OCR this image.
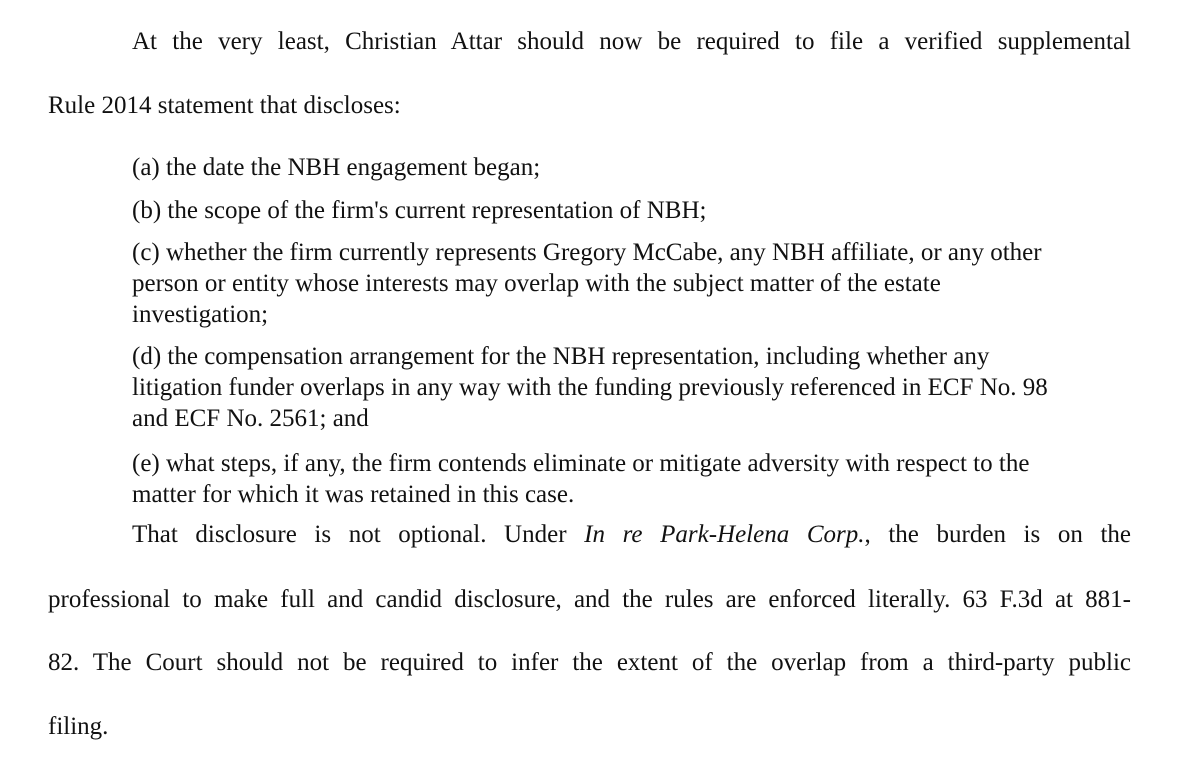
At the very least, Christian Attar should now be required to file a verified supplemental
Rule 2014 statement that discloses:
(a) the date the NBH engagement began;
(b) the scope of the firm's current representation of NBH;
(c) whether the firm currently represents Gregory McCabe, any NBH affiliate, or any other person or entity whose interests may overlap with the subject matter of the estate investigation;
(d) the compensation arrangement for the NBH representation, including whether any litigation funder overlaps in any way with the funding previously referenced in ECF No. 98 and ECF No. 2561; and
(e) what steps, if any, the firm contends eliminate or mitigate adversity with respect to the matter for which it was retained in this case.
That disclosure is not optional. Under In re Park-Helena Corp., the burden is on the
professional to make full and candid disclosure, and the rules are enforced literally. 63 F.3d at 881-
82. The Court should not be required to infer the extent of the overlap from a third-party public
filing.
